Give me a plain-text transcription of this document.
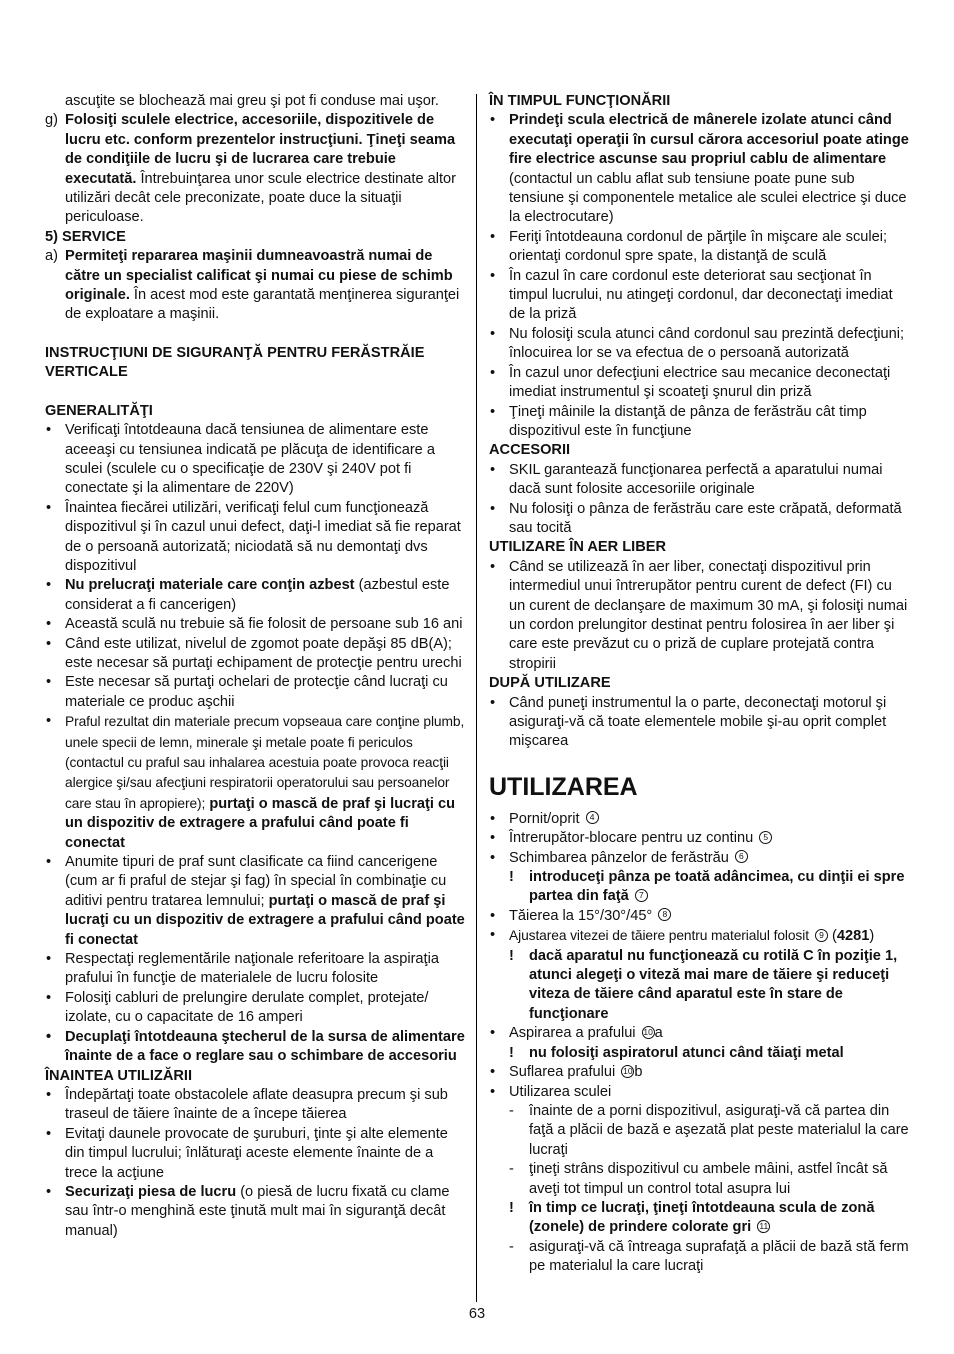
ascuţite se blochează mai greu şi pot fi conduse mai uşor.

g) Folosiţi sculele electrice, accesoriile, dispozitivele de lucru etc. conform prezentelor instrucţiuni. Ţineţi seama de condiţiile de lucru şi de lucrarea care trebuie executată. Întrebuinţarea unor scule electrice destinate altor utilizări decât cele preconizate, poate duce la situaţii periculoase.

5) SERVICE

a) Permiteţi repararea maşinii dumneavoastră numai de către un specialist calificat şi numai cu piese de schimb originale. În acest mod este garantată menţinerea siguranţei de exploatare a maşinii.

INSTRUCŢIUNI DE SIGURANŢĂ PENTRU FERĂSTRĂIE VERTICALE

GENERALITĂŢI

• Verificaţi întotdeauna dacă tensiunea de alimentare este aceeaşi cu tensiunea indicată pe plăcuţa de identificare a sculei (sculele cu o specificaţie de 230V şi 240V pot fi conectate şi la alimentare de 220V)
• Înaintea fiecărei utilizări, verificaţi felul cum funcţionează dispozitivul şi în cazul unui defect, daţi-l imediat să fie reparat de o persoană autorizată; niciodată să nu demontaţi dvs dispozitivul
• Nu prelucraţi materiale care conţin azbest (azbestul este considerat a fi cancerigen)
• Această sculă nu trebuie să fie folosit de persoane sub 16 ani
• Când este utilizat, nivelul de zgomot poate depăşi 85 dB(A); este necesar să purtaţi echipament de protecţie pentru urechi
• Este necesar să purtaţi ochelari de protecţie când lucraţi cu materiale ce produc aşchii
• Praful rezultat din materiale precum vopseaua care conţine plumb, unele specii de lemn, minerale şi metale poate fi periculos (contactul cu praful sau inhalarea acestuia poate provoca reacţii alergice şi/sau afecţiuni respiratorii operatorului sau persoanelor care stau în apropiere); purtaţi o mască de praf şi lucraţi cu un dispozitiv de extragere a prafului când poate fi conectat
• Anumite tipuri de praf sunt clasificate ca fiind cancerigene (cum ar fi praful de stejar şi fag) în special în combinaţie cu aditivi pentru tratarea lemnului; purtaţi o mască de praf şi lucraţi cu un dispozitiv de extragere a prafului când poate fi conectat
• Respectaţi reglementările naţionale referitoare la aspiraţia prafului în funcţie de materialele de lucru folosite
• Folosiţi cabluri de prelungire derulate complet, protejate/ izolate, cu o capacitate de 16 amperi
• Decuplaţi întotdeauna ştecherul de la sursa de alimentare înainte de a face o reglare sau o schimbare de accesoriu

ÎNAINTEA UTILIZĂRII

• Îndepărtaţi toate obstacolele aflate deasupra precum şi sub traseul de tăiere înainte de a începe tăierea
• Evitaţi daunele provocate de şuruburi, ţinte şi alte elemente din timpul lucrului; înlăturaţi aceste elemente înainte de a trece la acţiune
• Securizaţi piesa de lucru (o piesă de lucru fixată cu clame sau într-o menghină este ţinută mult mai în siguranţă decât manual)

ÎN TIMPUL FUNCŢIONĂRII

• Prindeţi scula electrică de mânerele izolate atunci când executaţi operaţii în cursul cărora accesoriul poate atinge fire electrice ascunse sau propriul cablu de alimentare (contactul un cablu aflat sub tensiune poate pune sub tensiune şi componentele metalice ale sculei electrice şi duce la electrocutare)
• Feriţi întotdeauna cordonul de părţile în mişcare ale sculei; orientaţi cordonul spre spate, la distanţă de sculă
• În cazul în care cordonul este deteriorat sau secţionat în timpul lucrului, nu atingeţi cordonul, dar deconectaţi imediat de la priză
• Nu folosiţi scula atunci când cordonul sau prezintă defecţiuni; înlocuirea lor se va efectua de o persoană autorizată
• În cazul unor defecţiuni electrice sau mecanice deconectaţi imediat instrumentul şi scoateţi şnurul din priză
• Ţineţi mâinile la distanţă de pânza de ferăstrău cât timp dispozitivul este în funcţiune

ACCESORII

• SKIL garantează funcţionarea perfectă a aparatului numai dacă sunt folosite accesoriile originale
• Nu folosiţi o pânza de ferăstrău care este crăpată, deformată sau tocită

UTILIZARE ÎN AER LIBER

• Când se utilizează în aer liber, conectaţi dispozitivul prin intermediul unui întrerupător pentru curent de defect (FI) cu un curent de declanşare de maximum 30 mA, şi folosiţi numai un cordon prelungitor destinat pentru folosirea în aer liber şi care este prevăzut cu o priză de cuplare protejată contra stropirii

DUPĂ UTILIZARE

• Când puneţi instrumentul la o parte, deconectaţi motorul şi asiguraţi-vă că toate elementele mobile şi-au oprit complet mişcarea

UTILIZAREA

• Pornit/oprit 4
• Întrerupător-blocare pentru uz continu 5
• Schimbarea pânzelor de ferăstrău 6
!	introduceţi pânza pe toată adâncimea, cu dinţii ei spre partea din faţă 7
• Tăierea la 15°/30°/45° 8
• Ajustarea vitezei de tăiere pentru materialul folosit 9 (4281)
!	dacă aparatul nu funcţionează cu rotilă C în poziţie 1, atunci alegeţi o viteză mai mare de tăiere şi reduceţi viteza de tăiere când aparatul este în stare de funcţionare
• Aspirarea a prafului 10 a
!	nu folosiţi aspiratorul atunci când tăiaţi metal
• Suflarea prafului 10 b
• Utilizarea sculei
-	înainte de a porni dispozitivul, asiguraţi-vă că partea din faţă a plăcii de bază e aşezată plat peste materialul la care lucraţi
-	ţineţi strâns dispozitivul cu ambele mâini, astfel încât să aveţi tot timpul un control total asupra lui
!	în timp ce lucraţi, ţineţi întotdeauna scula de zonă (zonele) de prindere colorate gri 11
-	asiguraţi-vă că întreaga suprafaţă a plăcii de bază stă ferm pe materialul la care lucraţi
63
